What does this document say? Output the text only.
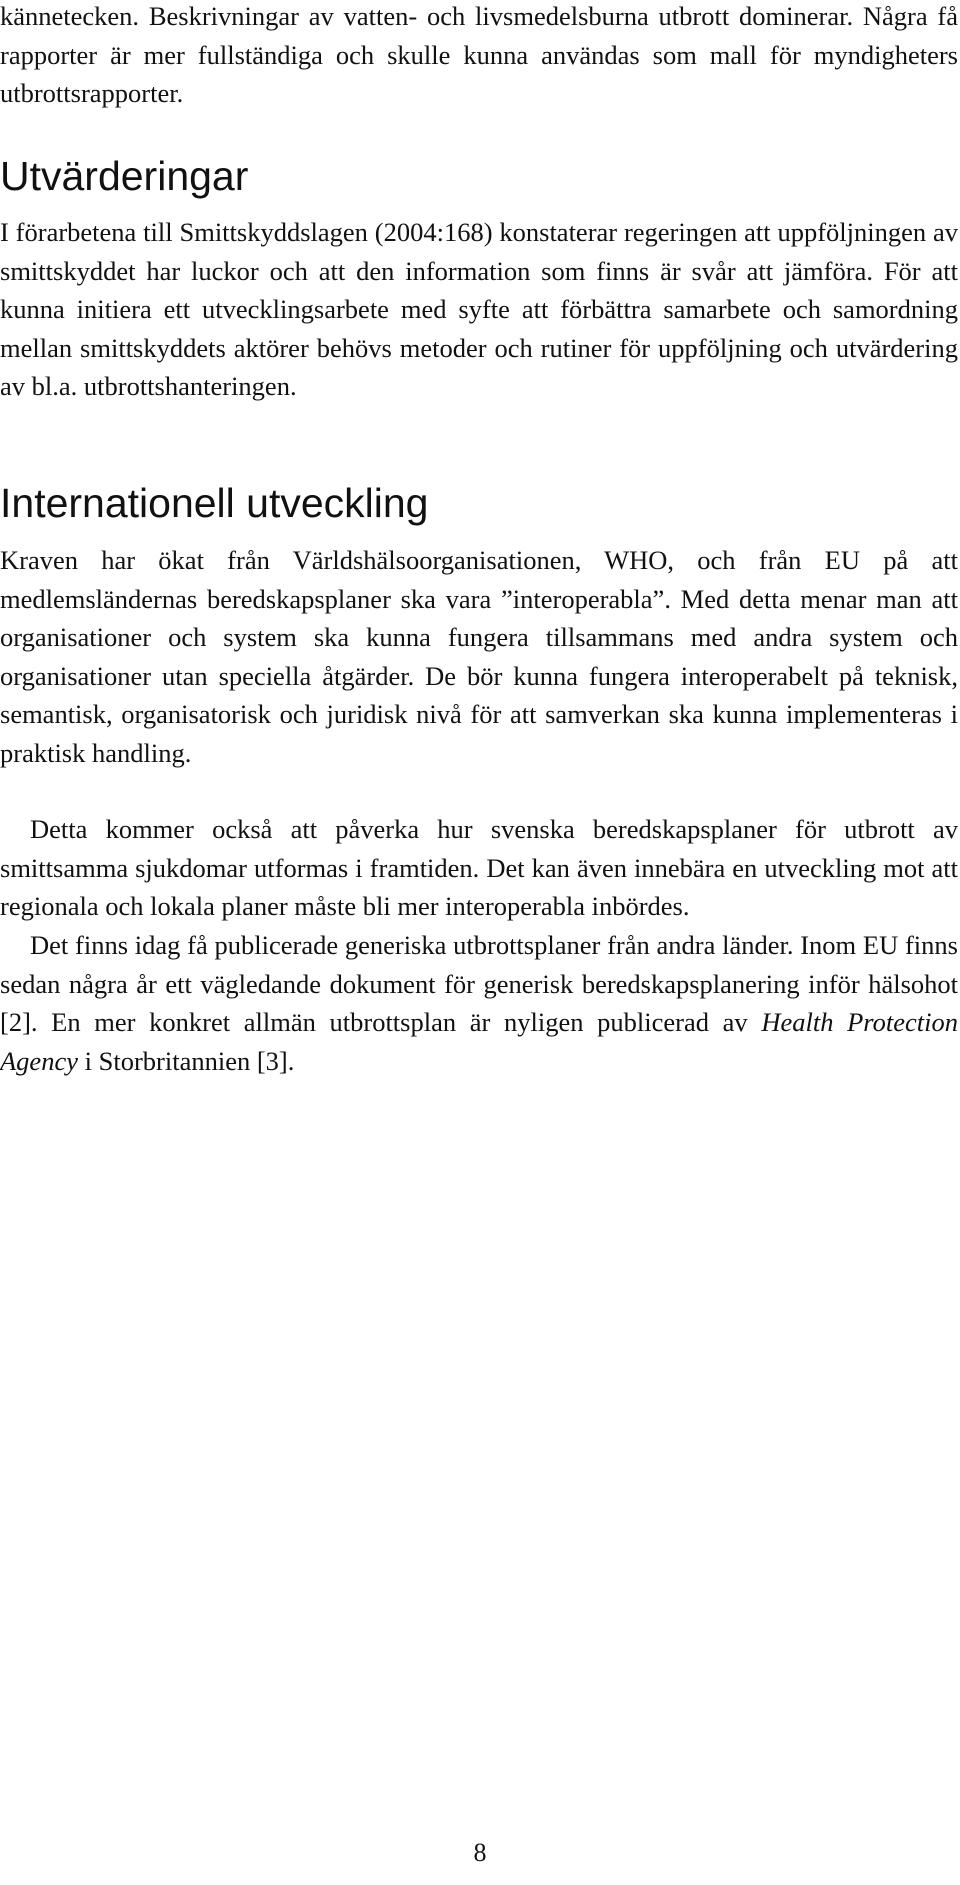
kännetecken. Beskrivningar av vatten- och livsmedelsburna utbrott dominerar. Några få rapporter är mer fullständiga och skulle kunna användas som mall för myndigheters utbrottsrapporter.

Utvärderingar

I förarbetena till Smittskyddslagen (2004:168) konstaterar regeringen att uppföljningen av smittskyddet har luckor och att den information som finns är svår att jämföra. För att kunna initiera ett utvecklingsarbete med syfte att förbättra samarbete och samordning mellan smittskyddets aktörer behövs metoder och rutiner för uppföljning och utvärdering av bl.a. utbrottshanteringen.

Internationell utveckling

Kraven har ökat från Världshälsoorganisationen, WHO, och från EU på att medlemsländernas beredskapsplaner ska vara ”interoperabla”. Med detta menar man att organisationer och system ska kunna fungera tillsammans med andra system och organisationer utan speciella åtgärder. De bör kunna fungera interoperabelt på teknisk, semantisk, organisatorisk och juridisk nivå för att samverkan ska kunna implementeras i praktisk handling.

Detta kommer också att påverka hur svenska beredskapsplaner för utbrott av smittsamma sjukdomar utformas i framtiden. Det kan även innebära en utveckling mot att regionala och lokala planer måste bli mer interoperabla inbördes.

Det finns idag få publicerade generiska utbrottsplaner från andra länder. Inom EU finns sedan några år ett vägledande dokument för generisk beredskapsplanering inför hälsohot [2]. En mer konkret allmän utbrottsplan är nyligen publicerad av Health Protection Agency i Storbritannien [3].

8
